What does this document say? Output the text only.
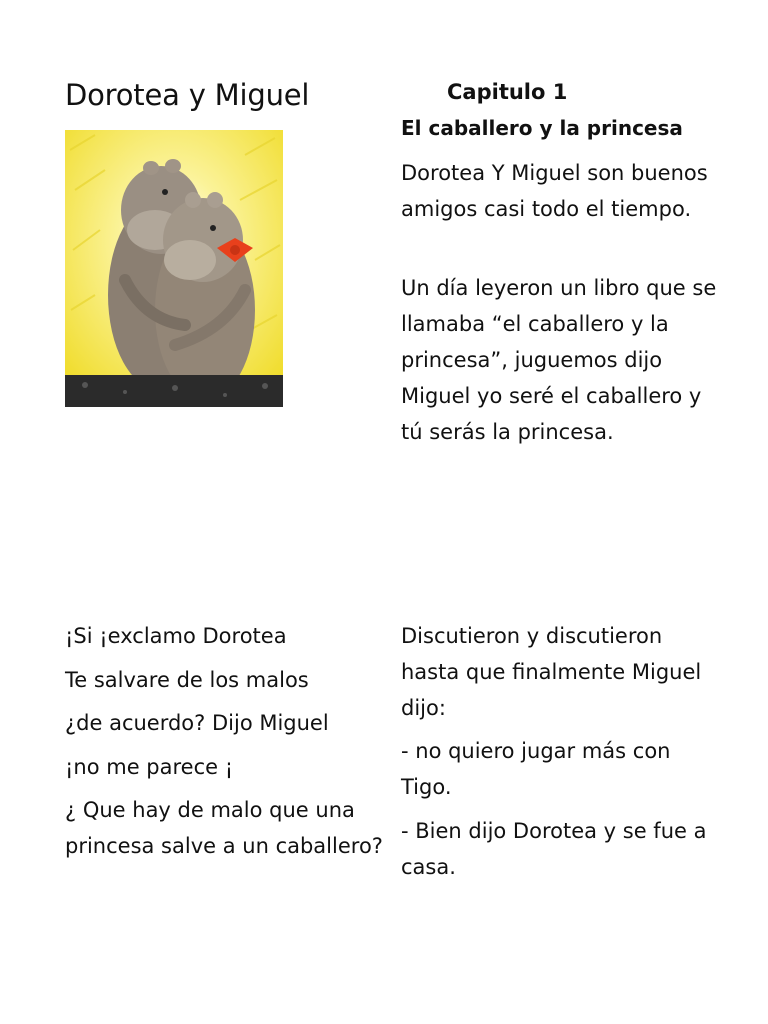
Dorotea y Miguel	Capitulo 1
El caballero y la princesa

Dorotea Y Miguel son buenos amigos casi todo el tiempo.

Un día leyeron un libro que se llamaba “el caballero y la princesa”, juguemos dijo Miguel yo seré el caballero y tú serás la princesa.

¡Si ¡exclamo Dorotea
Te salvare de los malos
¿de acuerdo? Dijo Miguel
¡no me parece ¡

¿ Que hay de malo que una princesa salve a un caballero?

Discutieron y discutieron hasta que finalmente Miguel dijo:

- no quiero jugar más con Tigo.

- Bien dijo Dorotea y se fue a casa.
